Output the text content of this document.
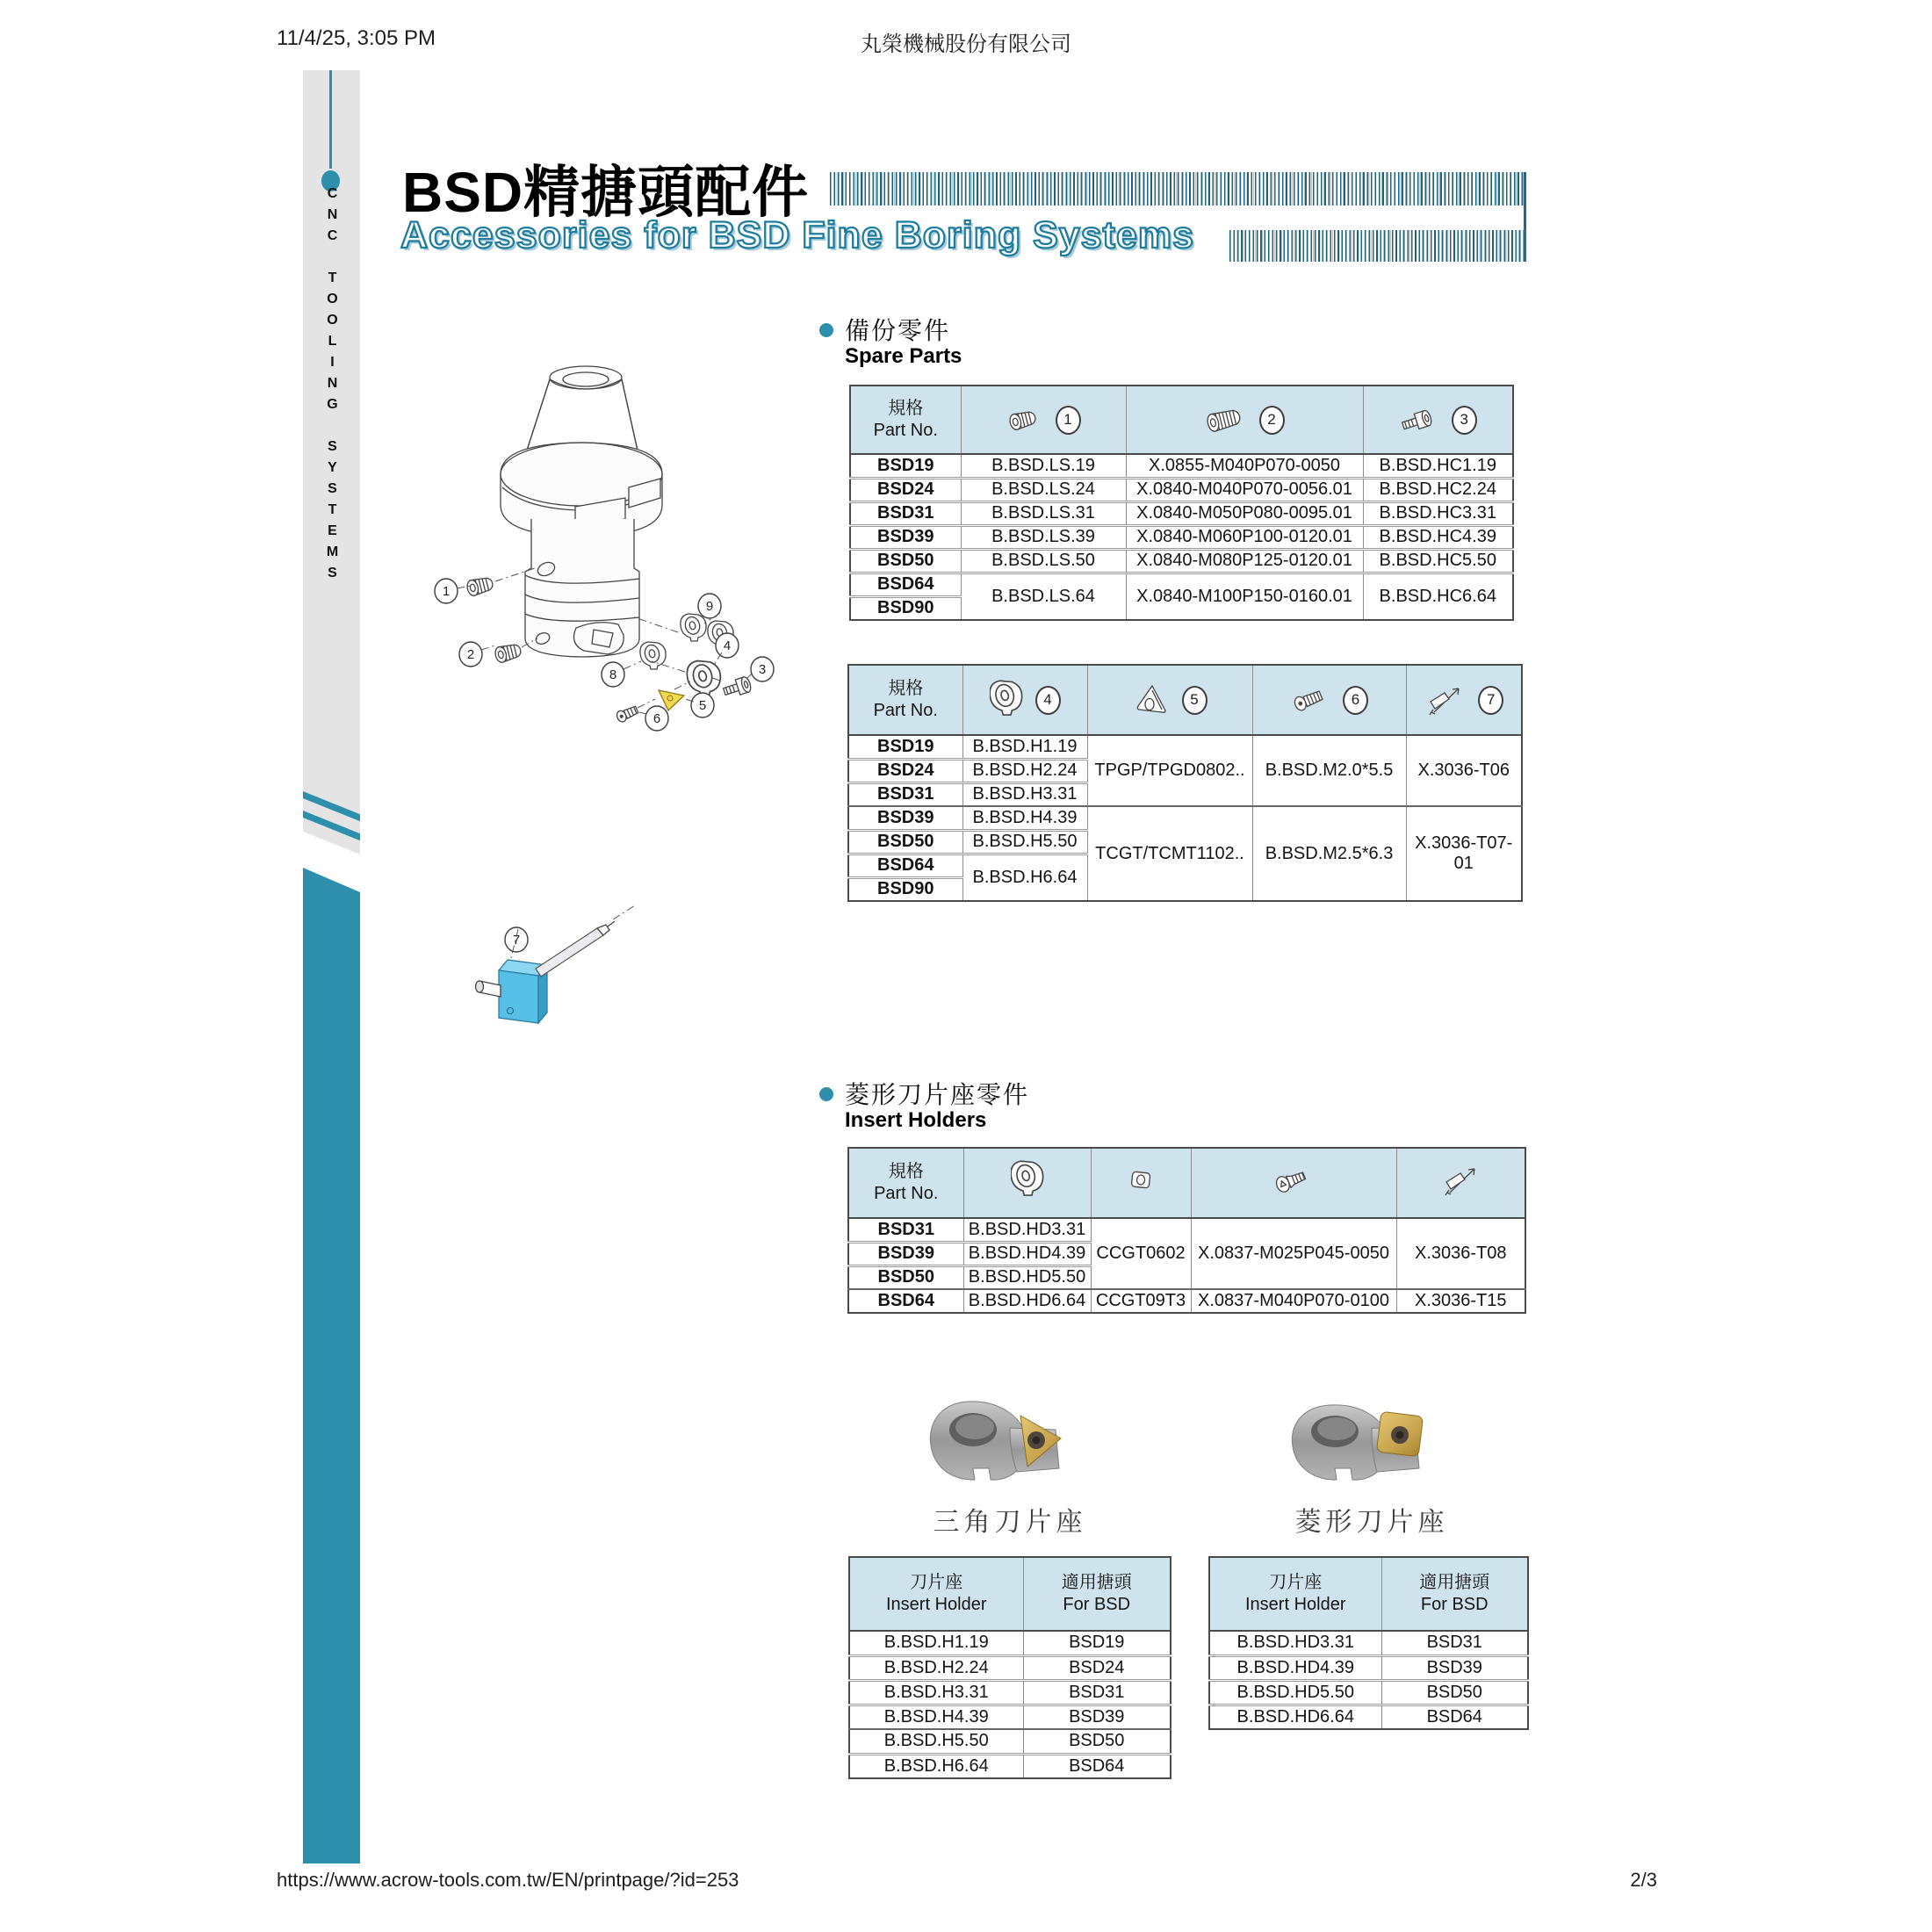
11/4/25, 3:05 PM	丸榮機械股份有限公司
CNC TOOLING SYSTEMS BSD精搪頭配件
Accessories for BSD Fine Boring Systems
1
2
3
4
5
6
7
8
9
備份零件
Spare Parts
規格
Part No.	1	2	3

BSD19	B.BSD.LS.19	X.0855-M040P070-0050	B.BSD.HC1.19
BSD24	B.BSD.LS.24	X.0840-M040P070-0056.01	B.BSD.HC2.24
BSD31	B.BSD.LS.31	X.0840-M050P080-0095.01	B.BSD.HC3.31
BSD39	B.BSD.LS.39	X.0840-M060P100-0120.01	B.BSD.HC4.39
BSD50	B.BSD.LS.50	X.0840-M080P125-0120.01	B.BSD.HC5.50
BSD64	B.BSD.LS.64	X.0840-M100P150-0160.01	B.BSD.HC6.64
BSD90			
規格
Part No.	4	5	6	7

BSD19	B.BSD.H1.19	TPGP/TPGD0802..	B.BSD.M2.0*5.5	X.3036-T06
BSD24	B.BSD.H2.24			
BSD31	B.BSD.H3.31			
BSD39	B.BSD.H4.39	TCGT/TCMT1102..	B.BSD.M2.5*6.3	X.3036-T07-01
BSD50	B.BSD.H5.50			
BSD64	B.BSD.H6.64			
BSD90				
菱形刀片座零件
Insert Holders
規格
Part No.

BSD31	B.BSD.HD3.31	CCGT0602	X.0837-M025P045-0050	X.3036-T08
BSD39	B.BSD.HD4.39			
BSD50	B.BSD.HD5.50			
BSD64	B.BSD.HD6.64	CCGT09T3	X.0837-M040P070-0100	X.3036-T15
三角刀片座	菱形刀片座
刀片座
Insert Holder

適用搪頭
For BSD

B.BSD.H1.19	BSD19
B.BSD.H2.24	BSD24
B.BSD.H3.31	BSD31
B.BSD.H4.39	BSD39
B.BSD.H5.50	BSD50
B.BSD.H6.64	BSD64
刀片座
Insert Holder

適用搪頭
For BSD

B.BSD.HD3.31	BSD31
B.BSD.HD4.39	BSD39
B.BSD.HD5.50	BSD50
B.BSD.HD6.64	BSD64
https://www.acrow-tools.com.tw/EN/printpage/?id=253	2/3
